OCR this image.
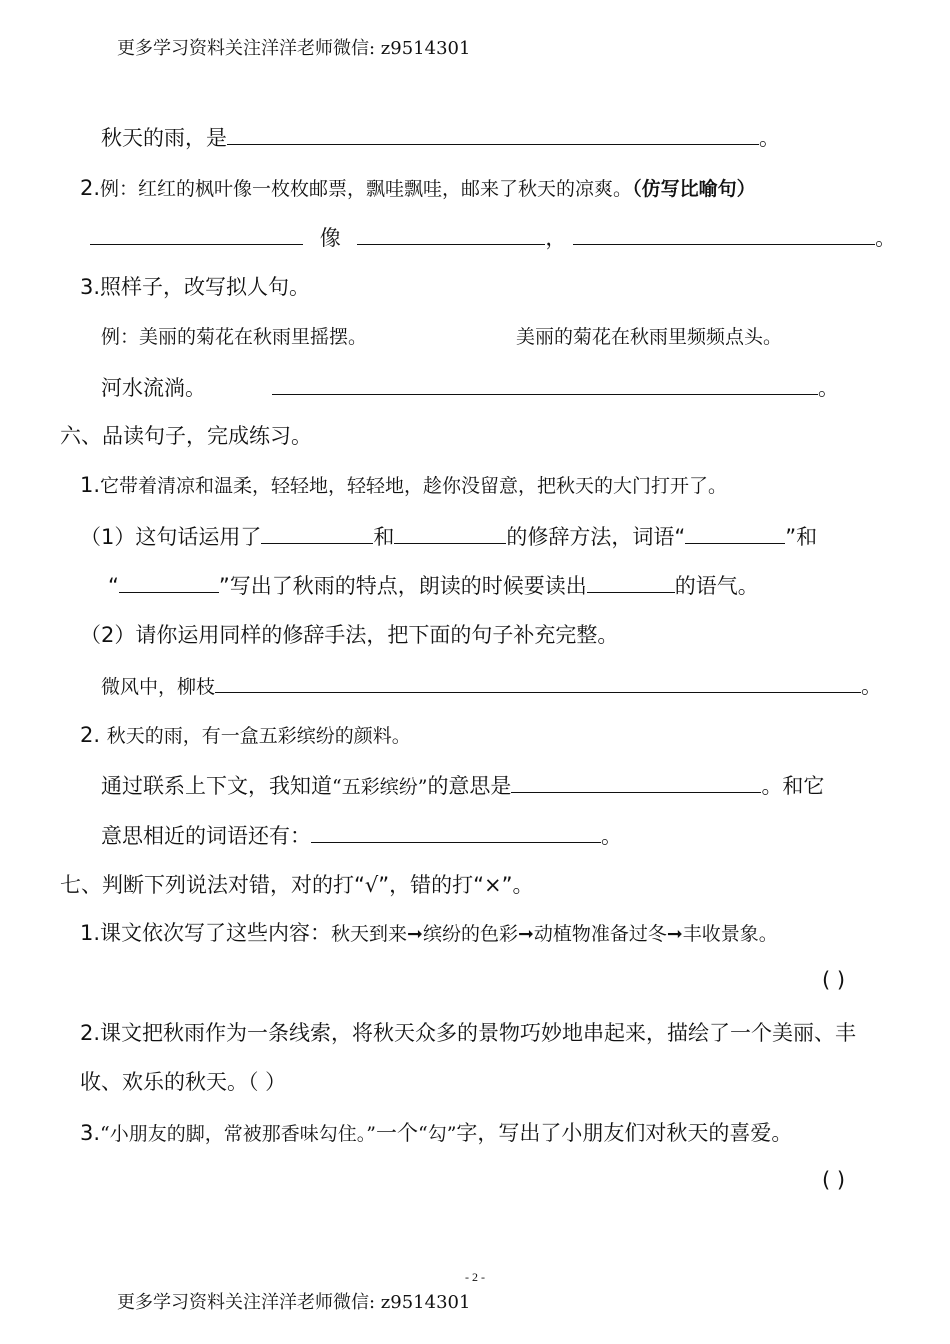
更多学习资料关注洋洋老师微信: z9514301
秋天的雨，是	。
2.例：红红的枫叶像一枚枚邮票，飘哇飘哇，邮来了秋天的凉爽。（仿写比喻句）
像	，	。
3.照样子，改写拟人句。
例：美丽的菊花在秋雨里摇摆。	美丽的菊花在秋雨里频频点头。
河水流淌。	。
六、品读句子，完成练习。
1.它带着清凉和温柔，轻轻地，轻轻地，趁你没留意，把秋天的大门打开了。
（1）这句话运用了	和	的修辞方法，词语“	”和
“	”写出了秋雨的特点，朗读的时候要读出	的语气。
（2）请你运用同样的修辞手法，把下面的句子补充完整。
微风中，柳枝	。
2. 秋天的雨，有一盒五彩缤纷的颜料。
通过联系上下文，我知道“五彩缤纷”的意思是	。和它
意思相近的词语还有：	。
七、判断下列说法对错，对的打“√”，错的打“×”。
1.课文依次写了这些内容：秋天到来➞缤纷的色彩➞动植物准备过冬➞丰收景象。
( )
2.课文把秋雨作为一条线索，将秋天众多的景物巧妙地串起来，描绘了一个美丽、丰
收、欢乐的秋天。（ ）
3.“小朋友的脚，常被那香味勾住。”一个“勾”字，写出了小朋友们对秋天的喜爱。
( )
- 2 -
更多学习资料关注洋洋老师微信: z9514301
